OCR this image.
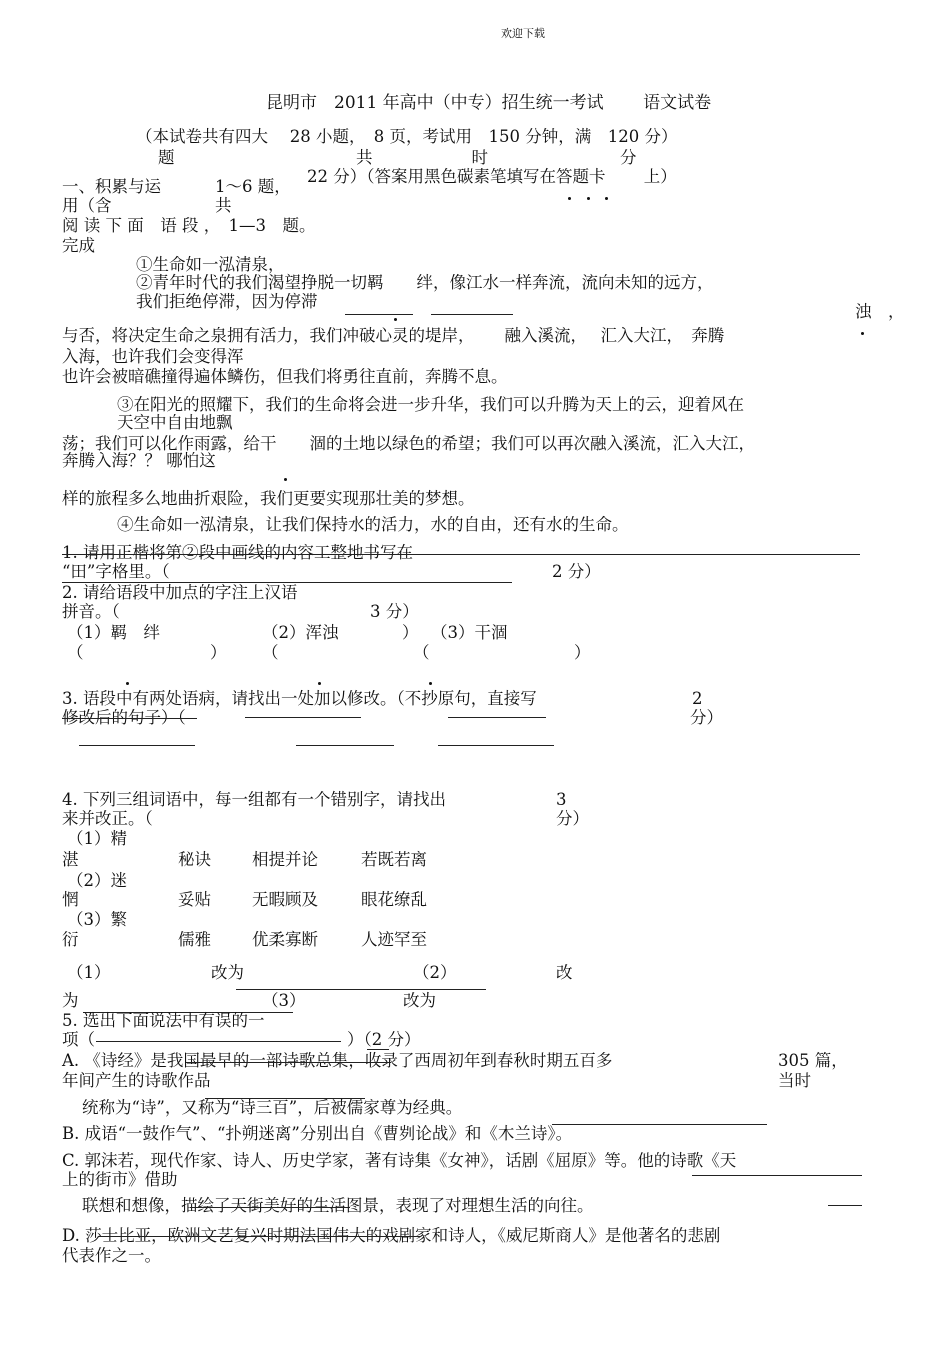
欢迎下载
昆明市　2011 年高中（中专）招生统一考试　　 语文试卷
（本试卷共有四大　 28 小题，　8 页，考试用　150 分钟，满　120 分）
题　　　　　　　　　　　共　　　　　　时　　　　　　　　分
22 分）（答案用黑色碳素笔填写在答题卡　　 上）
一、积累与运	1～6 题，
用（含	共
阅 读 下 面　语 段 ，　1—3　题。
完成
①生命如一泓清泉，
②青年时代的我们渴望挣脱一切羁　　绊，像江水一样奔流，流向未知的远方，
我们拒绝停滞，因为停滞
浊　，
与否，将决定生命之泉拥有活力，我们冲破心灵的堤岸，　　 融入溪流，　 汇入大江，　奔腾
入海，也许我们会变得浑
也许会被暗礁撞得遍体鳞伤，但我们将勇往直前，奔腾不息。
③在阳光的照耀下，我们的生命将会进一步升华，我们可以升腾为天上的云，迎着风在
天空中自由地飘
荡；我们可以化作雨露，给干　　涸的土地以绿色的希望；我们可以再次融入溪流，汇入大江，
奔腾入海？？ 哪怕这
样的旅程多么地曲折艰险，我们更要实现那壮美的梦想。
④生命如一泓清泉，让我们保持水的活力，水的自由，还有水的生命。
1. 请用正楷将第②段中画线的内容工整地书写在
“田”字格里。（	2 分）
2. 请给语段中加点的字注上汉语
拼音。（	3 分）
（1）羁　绊	（2）浑浊	） （3）干涸
（	） （	（	）
3. 语段中有两处语病，请找出一处加以修改。（不抄原句，直接写	2
修改后的句子）（	分）
4. 下列三组词语中，每一组都有一个错别字，请找出	3
来并改正。（	分）
（1）精
湛	秘诀 相提并论	若既若离
（2）迷
惘	妥贴 无暇顾及	眼花缭乱
（3）繁
衍	儒雅 优柔寡断	人迹罕至
（1）	改为	（2）	改
为	（3）	改为
5. 选出下面说法中有误的一
项（	）（2 分）
A. 《诗经》是我国最早的一部诗歌总集，收录了西周初年到春秋时期五百多	305 篇，
年间产生的诗歌作品	当时
统称为“诗”，又称为“诗三百”，后被儒家尊为经典。
B. 成语“一鼓作气”、“扑朔迷离”分别出自《曹刿论战》和《木兰诗》。
C. 郭沫若，现代作家、诗人、历史学家，著有诗集《女神》，话剧《屈原》等。他的诗歌《天
上的街市》借助
联想和想像，描绘了天街美好的生活图景，表现了对理想生活的向往。
D. 莎士比亚，欧洲文艺复兴时期法国伟大的戏剧家和诗人，《威尼斯商人》是他著名的悲剧
代表作之一。
